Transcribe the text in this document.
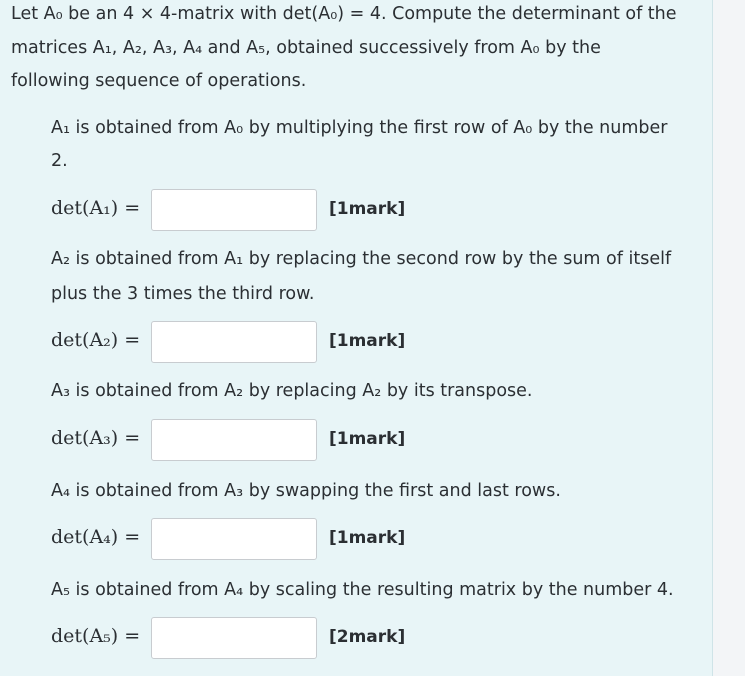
Let A₀ be an 4 × 4-matrix with det(A₀) = 4. Compute the determinant of the

matrices A₁, A₂, A₃, A₄ and A₅, obtained successively from A₀ by the

following sequence of operations.

A₁ is obtained from A₀ by multiplying the first row of A₀ by the number

2.

det(A₁) =	[1mark]

A₂ is obtained from A₁ by replacing the second row by the sum of itself

plus the 3 times the third row.

det(A₂) =	[1mark]

A₃ is obtained from A₂ by replacing A₂ by its transpose.

det(A₃) =	[1mark]

A₄ is obtained from A₃ by swapping the first and last rows.

det(A₄) =	[1mark]

A₅ is obtained from A₄ by scaling the resulting matrix by the number 4.

det(A₅) =	[2mark]
